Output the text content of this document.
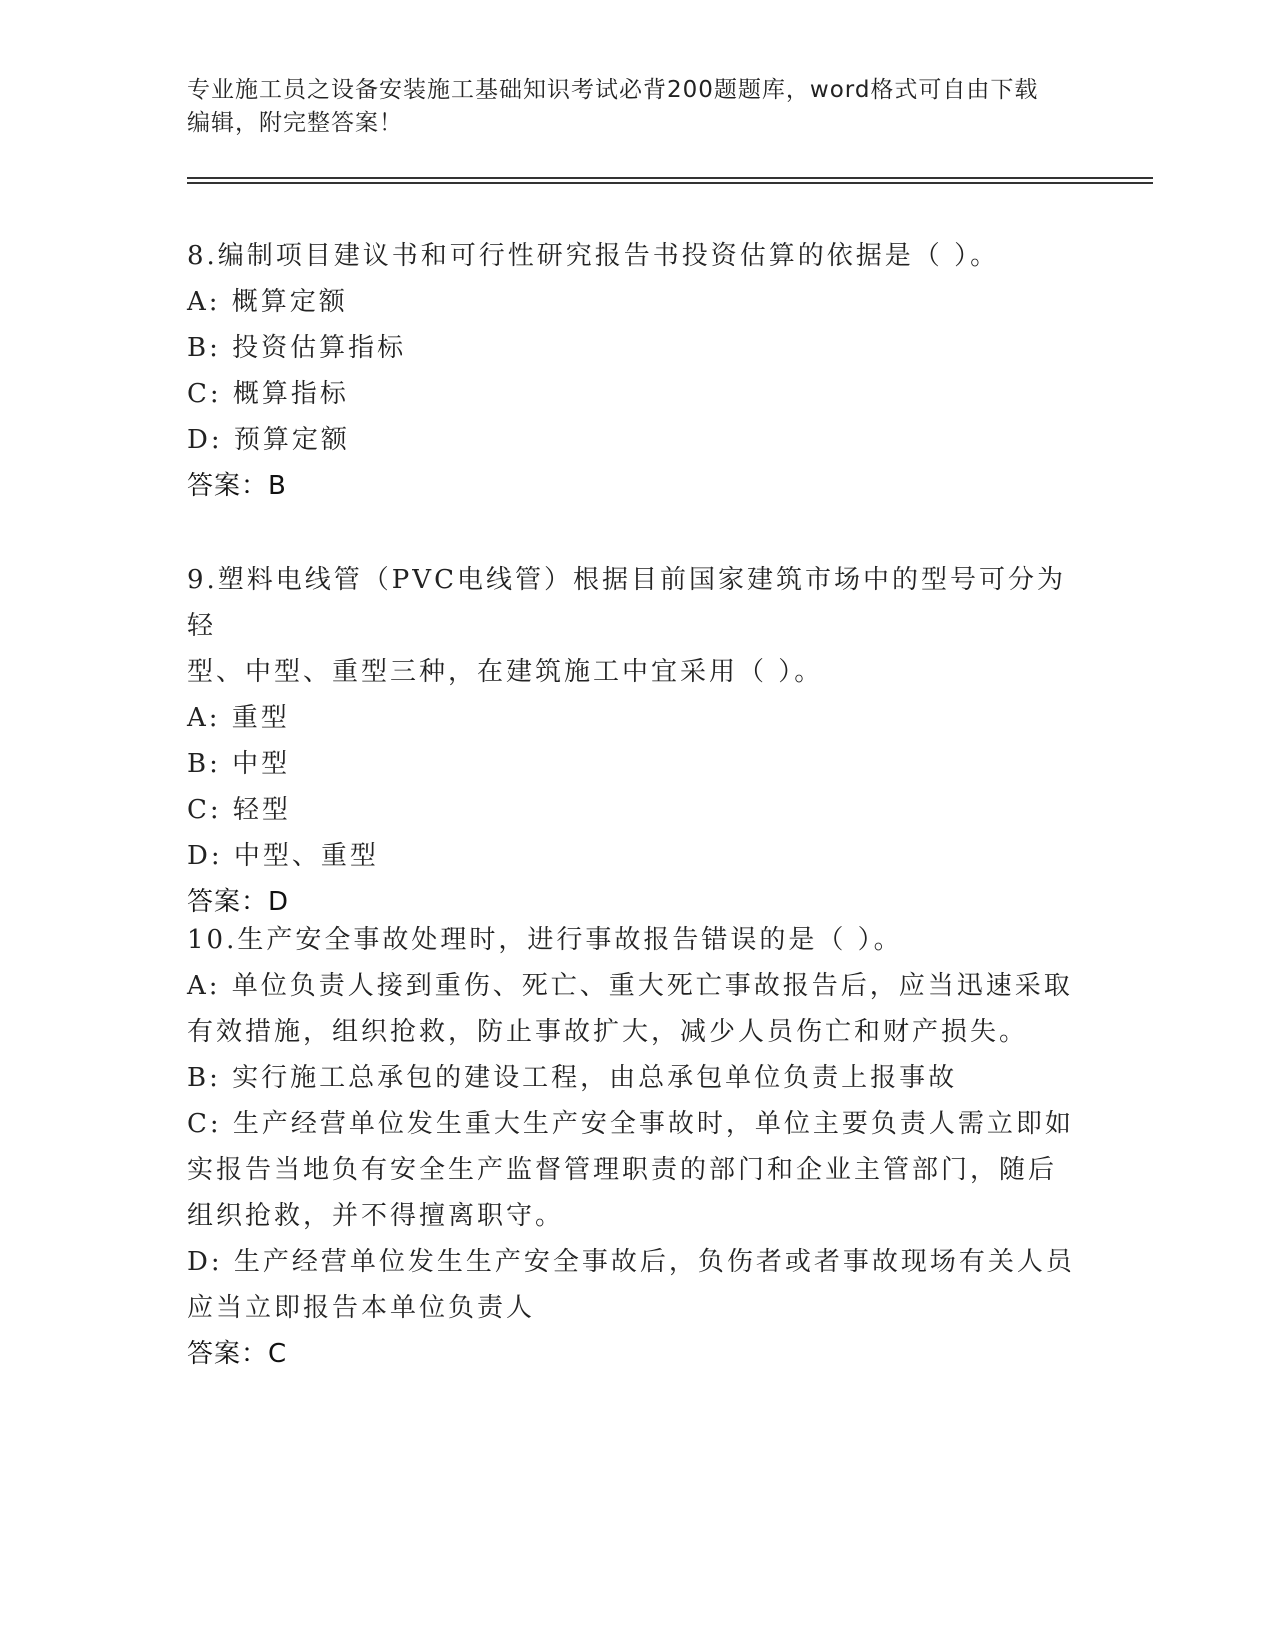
专业施工员之设备安装施工基础知识考试必背200题题库，word格式可自由下载
编辑，附完整答案！

8.编制项目建议书和可行性研究报告书投资估算的依据是（ ）。

A: 概算定额

B: 投资估算指标

C: 概算指标

D: 预算定额

答案：B

9.塑料电线管（PVC电线管）根据目前国家建筑市场中的型号可分为轻

型、中型、重型三种，在建筑施工中宜采用（ ）。

A: 重型

B: 中型

C: 轻型

D: 中型、重型

答案：D

10.生产安全事故处理时，进行事故报告错误的是（ ）。

A: 单位负责人接到重伤、死亡、重大死亡事故报告后，应当迅速采取

有效措施，组织抢救，防止事故扩大，减少人员伤亡和财产损失。

B: 实行施工总承包的建设工程，由总承包单位负责上报事故

C: 生产经营单位发生重大生产安全事故时，单位主要负责人需立即如

实报告当地负有安全生产监督管理职责的部门和企业主管部门，随后

组织抢救，并不得擅离职守。

D: 生产经营单位发生生产安全事故后，负伤者或者事故现场有关人员

应当立即报告本单位负责人

答案：C
